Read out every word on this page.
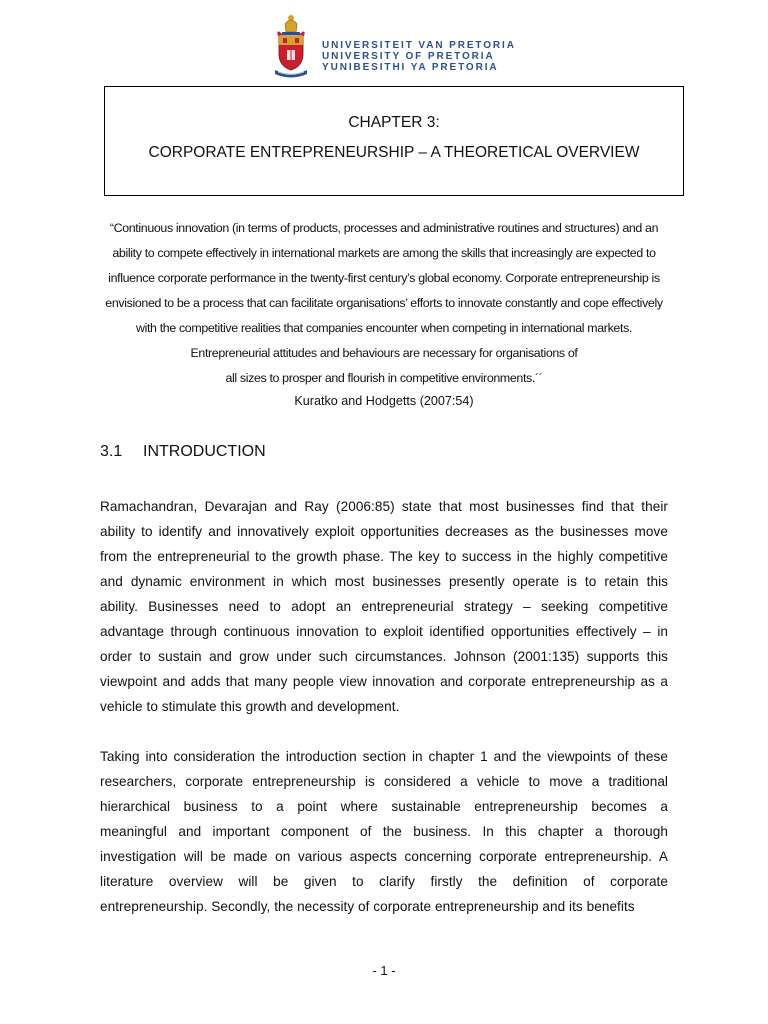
UNIVERSITEIT VAN PRETORIA
UNIVERSITY OF PRETORIA
YUNIBESITHI YA PRETORIA
CHAPTER 3:
CORPORATE ENTREPRENEURSHIP – A THEORETICAL OVERVIEW
“Continuous innovation (in terms of products, processes and administrative routines and structures) and an
ability to compete effectively in international markets are among the skills that increasingly are expected to
influence corporate performance in the twenty-first century’s global economy. Corporate entrepreneurship is
envisioned to be a process that can facilitate organisations’ efforts to innovate constantly and cope effectively
with the competitive realities that companies encounter when competing in international markets.
Entrepreneurial attitudes and behaviours are necessary for organisations of
all sizes to prosper and flourish in competitive environments.´´
Kuratko and Hodgetts (2007:54)
3.1 INTRODUCTION
Ramachandran, Devarajan and Ray (2006:85) state that most businesses find that their
ability to identify and innovatively exploit opportunities decreases as the businesses move
from the entrepreneurial to the growth phase. The key to success in the highly competitive
and dynamic environment in which most businesses presently operate is to retain this
ability. Businesses need to adopt an entrepreneurial strategy – seeking competitive
advantage through continuous innovation to exploit identified opportunities effectively – in
order to sustain and grow under such circumstances. Johnson (2001:135) supports this
viewpoint and adds that many people view innovation and corporate entrepreneurship as a
vehicle to stimulate this growth and development.
Taking into consideration the introduction section in chapter 1 and the viewpoints of these
researchers, corporate entrepreneurship is considered a vehicle to move a traditional
hierarchical business to a point where sustainable entrepreneurship becomes a
meaningful and important component of the business. In this chapter a thorough
investigation will be made on various aspects concerning corporate entrepreneurship. A
literature overview will be given to clarify firstly the definition of corporate
entrepreneurship. Secondly, the necessity of corporate entrepreneurship and its benefits
- 1 -
